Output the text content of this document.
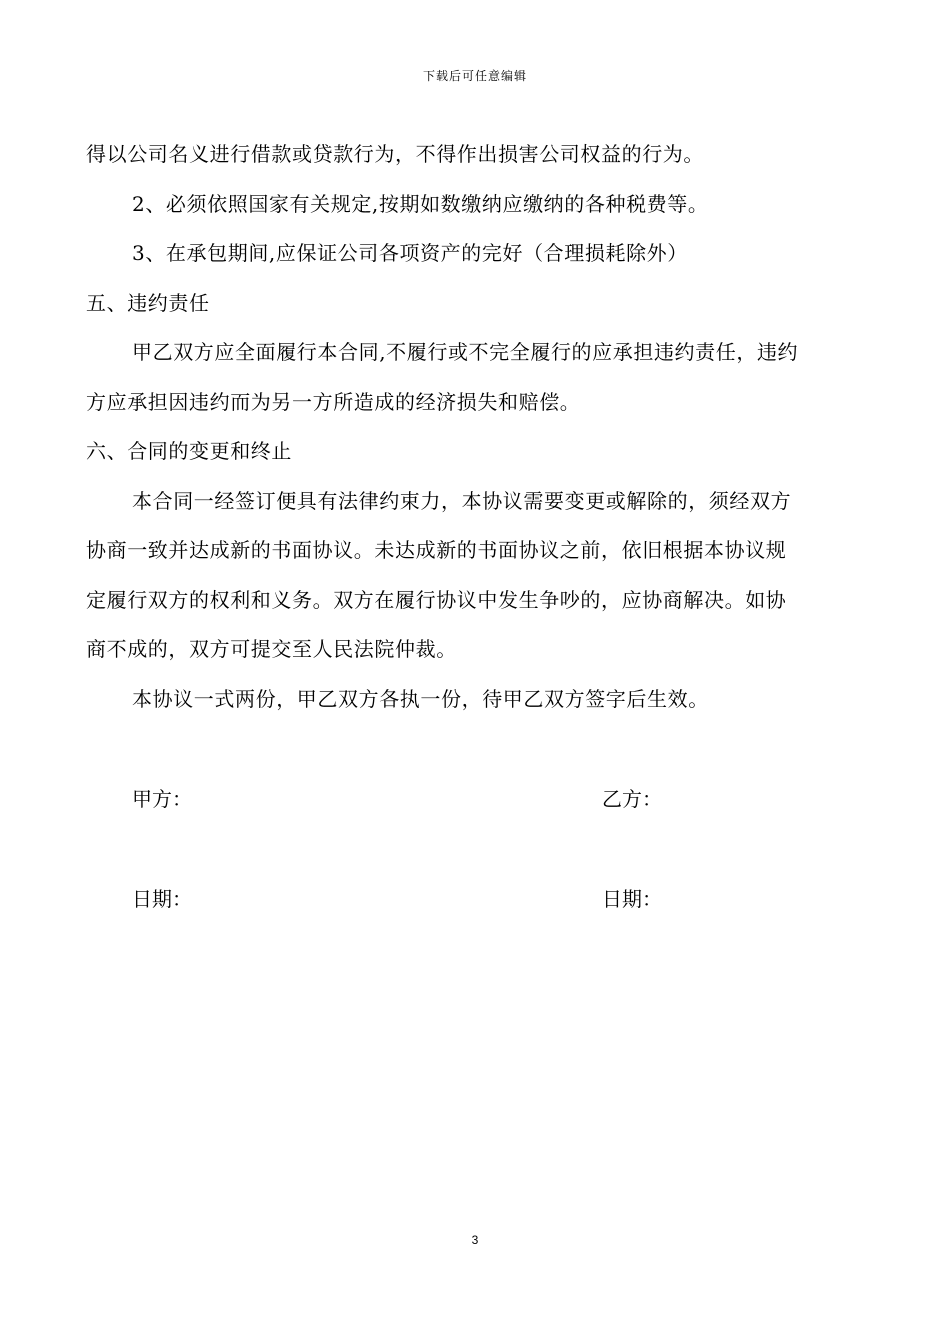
下载后可任意编辑

得以公司名义进行借款或贷款行为，不得作出损害公司权益的行为。

2、必须依照国家有关规定,按期如数缴纳应缴纳的各种税费等。

3、在承包期间,应保证公司各项资产的完好（合理损耗除外）

五、违约责任

甲乙双方应全面履行本合同,不履行或不完全履行的应承担违约责任，违约

方应承担因违约而为另一方所造成的经济损失和赔偿。

六、合同的变更和终止

本合同一经签订便具有法律约束力，本协议需要变更或解除的，须经双方

协商一致并达成新的书面协议。未达成新的书面协议之前，依旧根据本协议规

定履行双方的权利和义务。双方在履行协议中发生争吵的，应协商解决。如协

商不成的，双方可提交至人民法院仲裁。

本协议一式两份，甲乙双方各执一份，待甲乙双方签字后生效。

甲方：	乙方：
日期：	日期：
3
